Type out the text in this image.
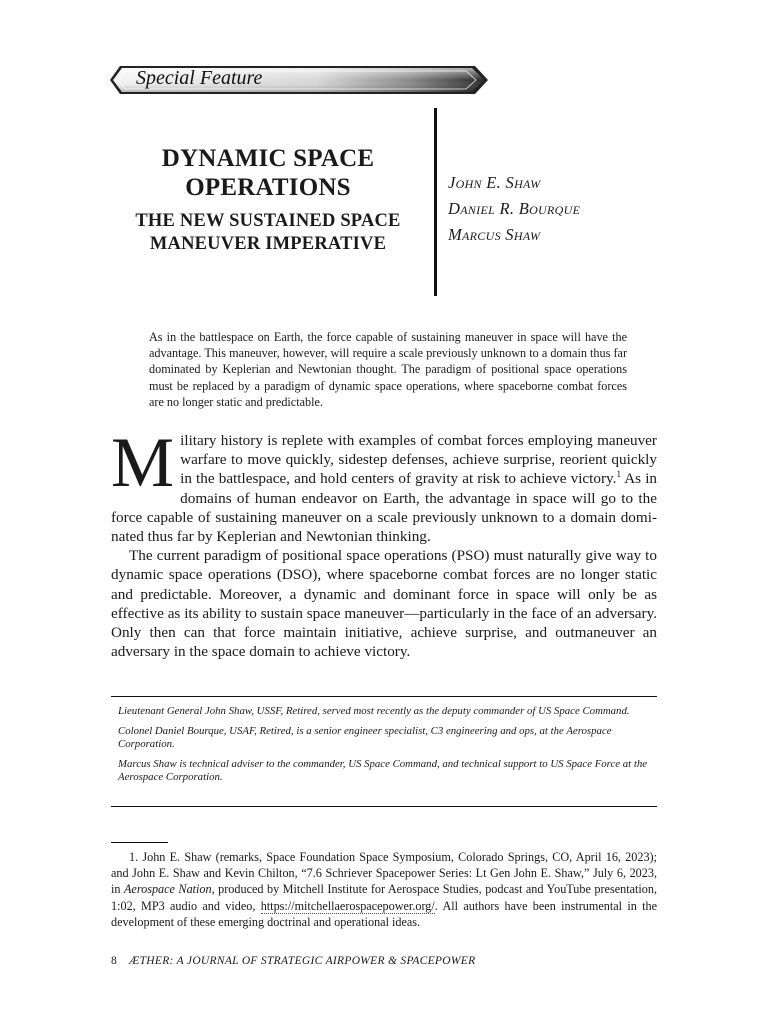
Special Feature
DYNAMIC SPACE OPERATIONS
THE NEW SUSTAINED SPACE MANEUVER IMPERATIVE
John E. Shaw
Daniel R. Bourque
Marcus Shaw
As in the battlespace on Earth, the force capable of sustaining maneuver in space will have the advantage. This maneuver, however, will require a scale previously unknown to a domain thus far dominated by Keplerian and Newtonian thought. The paradigm of positional space operations must be replaced by a paradigm of dynamic space operations, where spaceborne combat forces are no longer static and predictable.

Military history is replete with examples of combat forces employing maneuver warfare to move quickly, sidestep defenses, achieve surprise, reorient quickly in the battlespace, and hold centers of gravity at risk to achieve victory.$^1$ As in domains of human endeavor on Earth, the advantage in space will go to the force capable of sustaining maneuver on a scale previously unknown to a domain dominated thus far by Keplerian and Newtonian thinking.

The current paradigm of positional space operations (PSO) must naturally give way to dynamic space operations (DSO), where spaceborne combat forces are no longer static and predictable. Moreover, a dynamic and dominant force in space will only be as effective as its ability to sustain space maneuver—particularly in the face of an adversary. Only then can that force maintain initiative, achieve surprise, and outmaneuver an adversary in the space domain to achieve victory.

Lieutenant General John Shaw, USSF, Retired, served most recently as the deputy commander of US Space Command.

Colonel Daniel Bourque, USAF, Retired, is a senior engineer specialist, C3 engineering and ops, at the Aerospace Corporation.

Marcus Shaw is technical adviser to the commander, US Space Command, and technical support to US Space Force at the Aerospace Corporation.

1. John E. Shaw (remarks, Space Foundation Space Symposium, Colorado Springs, CO, April 16, 2023); and John E. Shaw and Kevin Chilton, “7.6 Schriever Spacepower Series: Lt Gen John E. Shaw,” July 6, 2023, in Aerospace Nation, produced by Mitchell Institute for Aerospace Studies, podcast and YouTube presentation, 1:02, MP3 audio and video, https://mitchellaerospacepower.org/. All authors have been instrumental in the development of these emerging doctrinal and operational ideas.
8 ÆTHER: A JOURNAL OF STRATEGIC AIRPOWER & SPACEPOWER
